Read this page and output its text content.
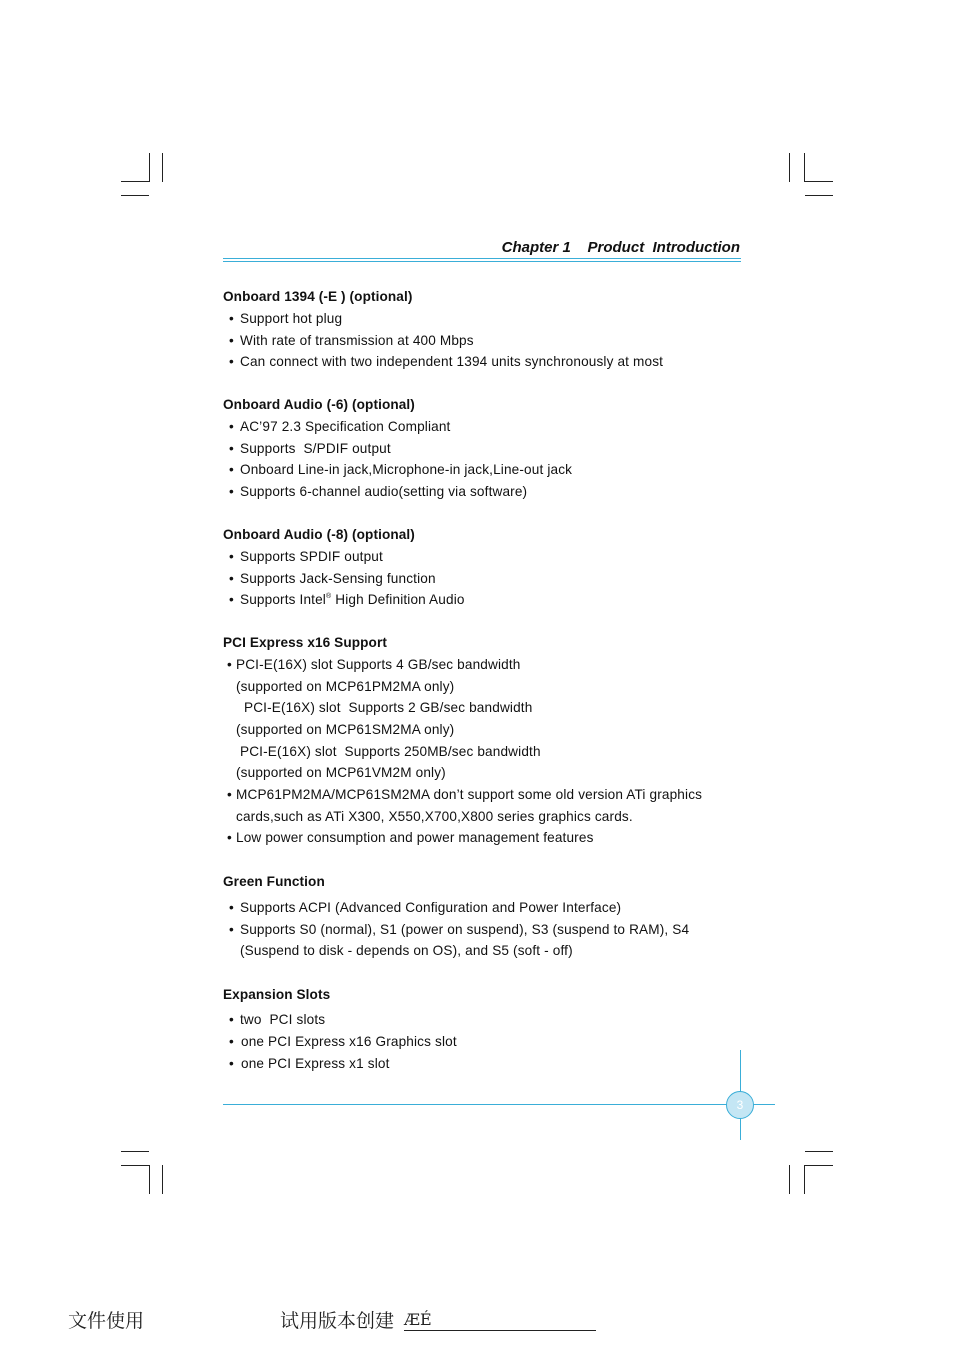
Chapter 1 Product  Introduction
Onboard 1394 (-E ) (optional)
• Support hot plug
• With rate of transmission at 400 Mbps
• Can connect with two independent 1394 units synchronously at most
Onboard Audio (-6) (optional)
• AC’97 2.3 Specification Compliant
• Supports  S/PDIF output
• Onboard Line-in jack,Microphone-in jack,Line-out jack
• Supports 6-channel audio(setting via software)
Onboard Audio (-8) (optional)
• Supports SPDIF output
• Supports Jack-Sensing function
• Supports Intel® High Definition Audio
PCI Express x16 Support
• PCI-E(16X) slot Supports 4 GB/sec bandwidth
(supported on MCP61PM2MA only)
PCI-E(16X) slot  Supports 2 GB/sec bandwidth
(supported on MCP61SM2MA only)
PCI-E(16X) slot  Supports 250MB/sec bandwidth
(supported on MCP61VM2M only)
• MCP61PM2MA/MCP61SM2MA don’t support some old version ATi graphics
cards,such as ATi X300, X550,X700,X800 series graphics cards.
• Low power consumption and power management features
Green Function
• Supports ACPI (Advanced Configuration and Power Interface)
• Supports S0 (normal), S1 (power on suspend), S3 (suspend to RAM), S4
(Suspend to disk - depends on OS), and S5 (soft - off)
Expansion Slots
• two  PCI slots
• one PCI Express x16 Graphics slot
• one PCI Express x1 slot
3
文件使用	试用版本创建 ÆÉ
